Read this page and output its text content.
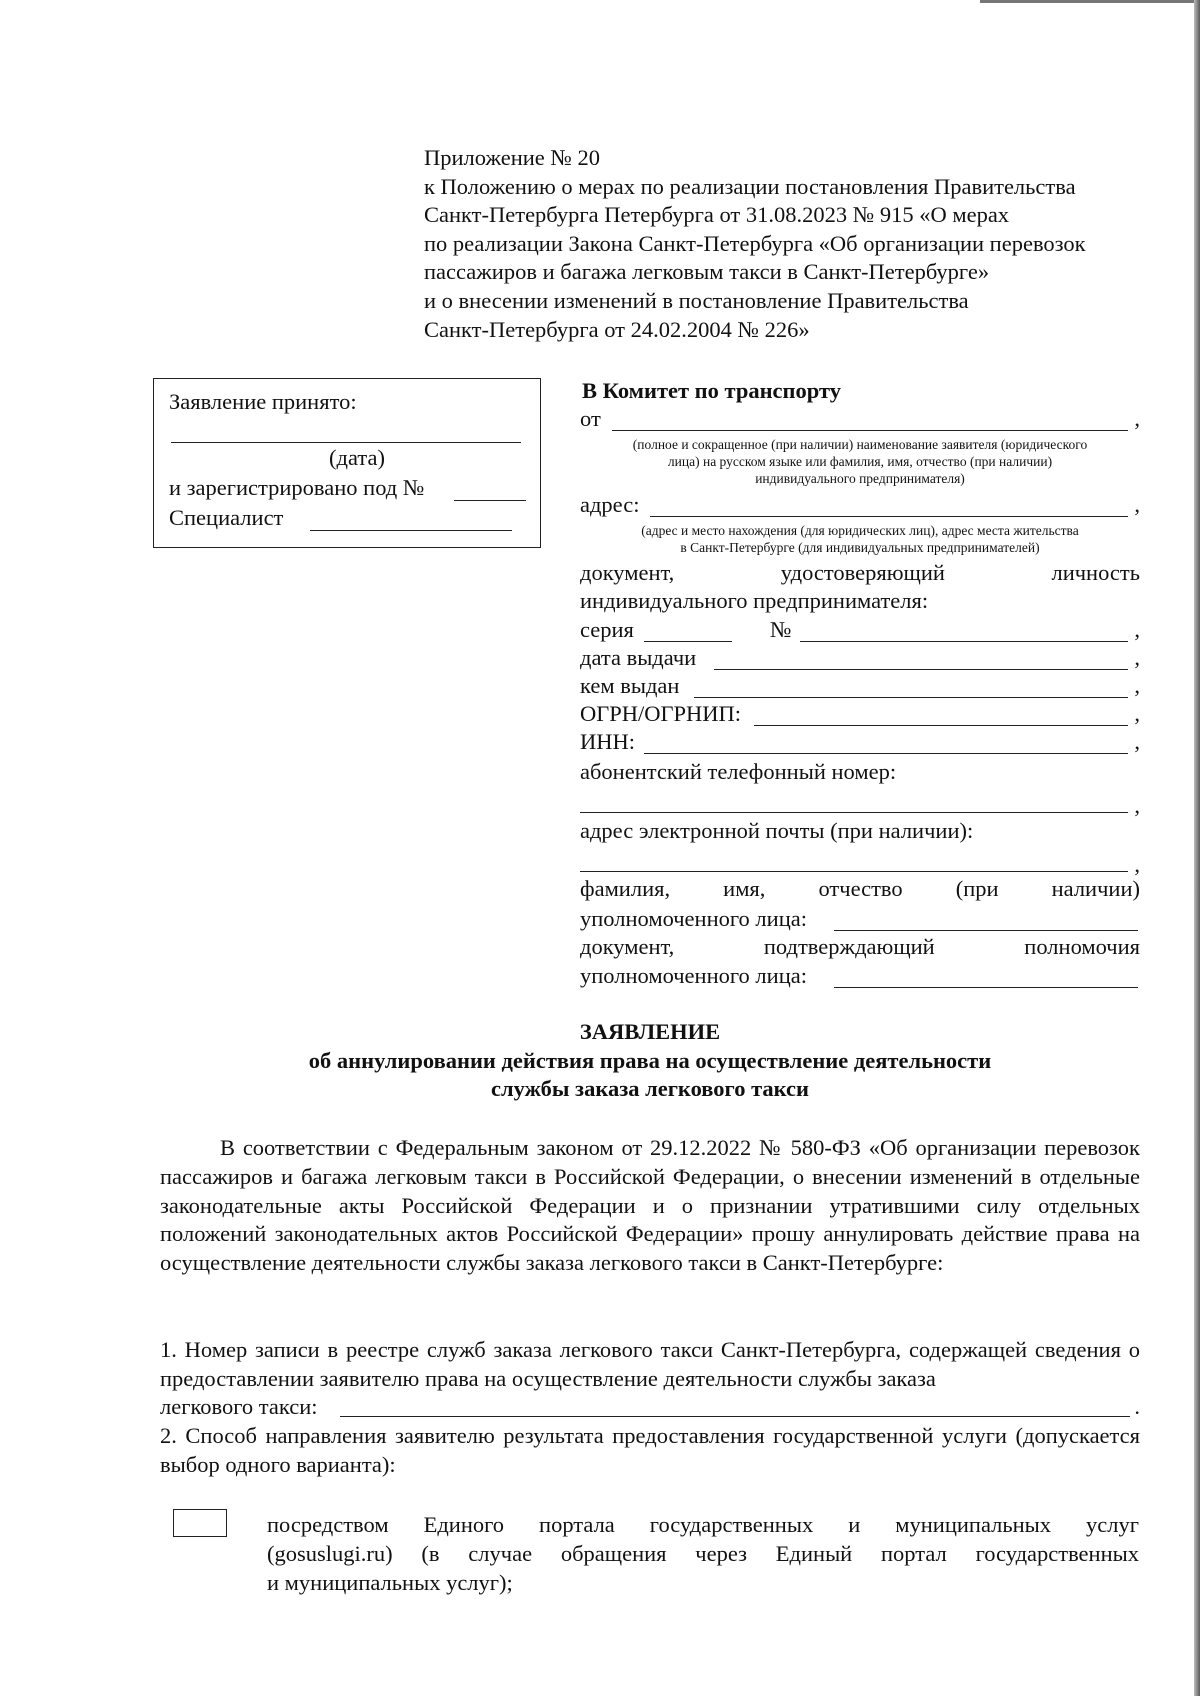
Приложение № 20
к Положению о мерах по реализации постановления Правительства
Санкт-Петербурга Петербурга от 31.08.2023 № 915 «О мерах
по реализации Закона Санкт-Петербурга «Об организации перевозок
пассажиров и багажа легковым такси в Санкт-Петербурге»
и о внесении изменений в постановление Правительства
Санкт-Петербурга от 24.02.2004 № 226»
Заявление принято:
(дата)
и зарегистрировано под №
Специалист
В Комитет по транспорту
от	,
(полное и сокращенное (при наличии) наименование заявителя (юридического
лица) на русском языке или фамилия, имя, отчество (при наличии)
индивидуального предпринимателя)
адрес:	,
(адрес и место нахождения (для юридических лиц), адрес места жительства
в Санкт-Петербурге (для индивидуальных предпринимателей)
документ, удостоверяющий личность
индивидуального предпринимателя:
серия	№	,
дата выдачи	,
кем выдан	,
ОГРН/ОГРНИП:	,
ИНН:	,
абонентский телефонный номер:
,
адрес электронной почты (при наличии):
,
фамилия, имя, отчество (при наличии)
уполномоченного лица:
документ, подтверждающий полномочия
уполномоченного лица:
ЗАЯВЛЕНИЕ
об аннулировании действия права на осуществление деятельности
службы заказа легкового такси
В соответствии с Федеральным законом от 29.12.2022 № 580-ФЗ «Об организации перевозок пассажиров и багажа легковым такси в Российской Федерации, о внесении изменений в отдельные законодательные акты Российской Федерации и о признании утратившими силу отдельных положений законодательных актов Российской Федерации» прошу аннулировать действие права на осуществление деятельности службы заказа легкового такси в Санкт-Петербурге:
1. Номер записи в реестре служб заказа легкового такси Санкт-Петербурга, содержащей сведения о предоставлении заявителю права на осуществление деятельности службы заказа
легкового такси:	.
2. Способ направления заявителю результата предоставления государственной услуги (допускается выбор одного варианта):
посредством Единого портала государственных и муниципальных услуг
(gosuslugi.ru) (в случае обращения через Единый портал государственных
и муниципальных услуг);
